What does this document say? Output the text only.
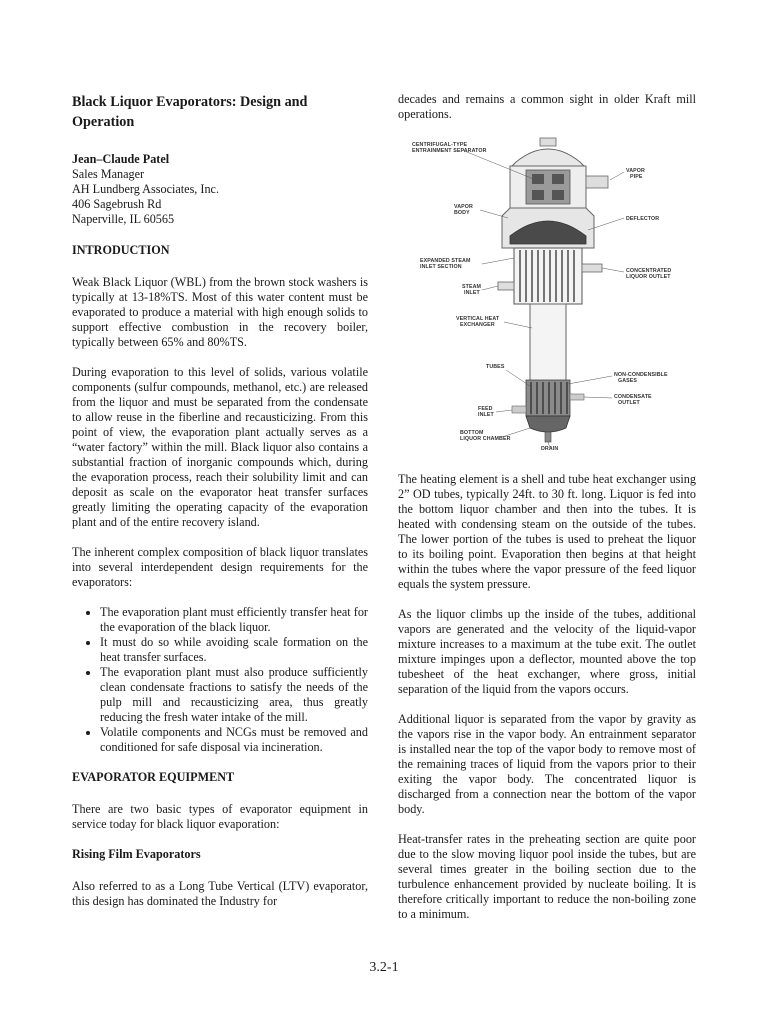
Black Liquor Evaporators: Design and Operation
Jean–Claude Patel
Sales Manager
AH Lundberg Associates, Inc.
406 Sagebrush Rd
Naperville, IL 60565
INTRODUCTION

Weak Black Liquor (WBL) from the brown stock washers is typically at 13-18%TS. Most of this water content must be evaporated to produce a material with high enough solids to support effective combustion in the recovery boiler, typically between 65% and 80%TS.

During evaporation to this level of solids, various volatile components (sulfur compounds, methanol, etc.) are released from the liquor and must be separated from the condensate to allow reuse in the fiberline and recausticizing. From this point of view, the evaporation plant actually serves as a “water factory” within the mill. Black liquor also contains a substantial fraction of inorganic compounds which, during the evaporation process, reach their solubility limit and can deposit as scale on the evaporator heat transfer surfaces greatly limiting the operating capacity of the evaporation plant and of the entire recovery island.

The inherent complex composition of black liquor translates into several interdependent design requirements for the evaporators:

• The evaporation plant must efficiently transfer heat for the evaporation of the black liquor.
• It must do so while avoiding scale formation on the heat transfer surfaces.
• The evaporation plant must also produce sufficiently clean condensate fractions to satisfy the needs of the pulp mill and recausticizing area, thus greatly reducing the fresh water intake of the mill.
• Volatile components and NCGs must be removed and conditioned for safe disposal via incineration.
EVAPORATOR EQUIPMENT

There are two basic types of evaporator equipment in service today for black liquor evaporation:

Rising Film Evaporators

Also referred to as a Long Tube Vertical (LTV) evaporator, this design has dominated the Industry for

decades and remains a common sight in older Kraft mill operations.

CENTRIFUGAL-TYPE
ENTRAINMENT SEPARATOR
VAPOR
PIPE
VAPOR
BODY
DEFLECTOR
EXPANDED STEAM
INLET SECTION
CONCENTRATED
LIQUOR OUTLET
STEAM
INLET
VERTICAL HEAT
EXCHANGER
TUBES
NON-CONDENSIBLE
GASES
CONDENSATE
OUTLET
FEED
INLET
BOTTOM
LIQUOR CHAMBER
DRAIN

The heating element is a shell and tube heat exchanger using 2” OD tubes, typically 24ft. to 30 ft. long. Liquor is fed into the bottom liquor chamber and then into the tubes. It is heated with condensing steam on the outside of the tubes. The lower portion of the tubes is used to preheat the liquor to its boiling point. Evaporation then begins at that height within the tubes where the vapor pressure of the feed liquor equals the system pressure.

As the liquor climbs up the inside of the tubes, additional vapors are generated and the velocity of the liquid-vapor mixture increases to a maximum at the tube exit. The outlet mixture impinges upon a deflector, mounted above the top tubesheet of the heat exchanger, where gross, initial separation of the liquid from the vapors occurs.

Additional liquor is separated from the vapor by gravity as the vapors rise in the vapor body. An entrainment separator is installed near the top of the vapor body to remove most of the remaining traces of liquid from the vapors prior to their exiting the vapor body. The concentrated liquor is discharged from a connection near the bottom of the vapor body.

Heat-transfer rates in the preheating section are quite poor due to the slow moving liquor pool inside the tubes, but are several times greater in the boiling section due to the turbulence enhancement provided by nucleate boiling. It is therefore critically important to reduce the non-boiling zone to a minimum.

3.2-1
